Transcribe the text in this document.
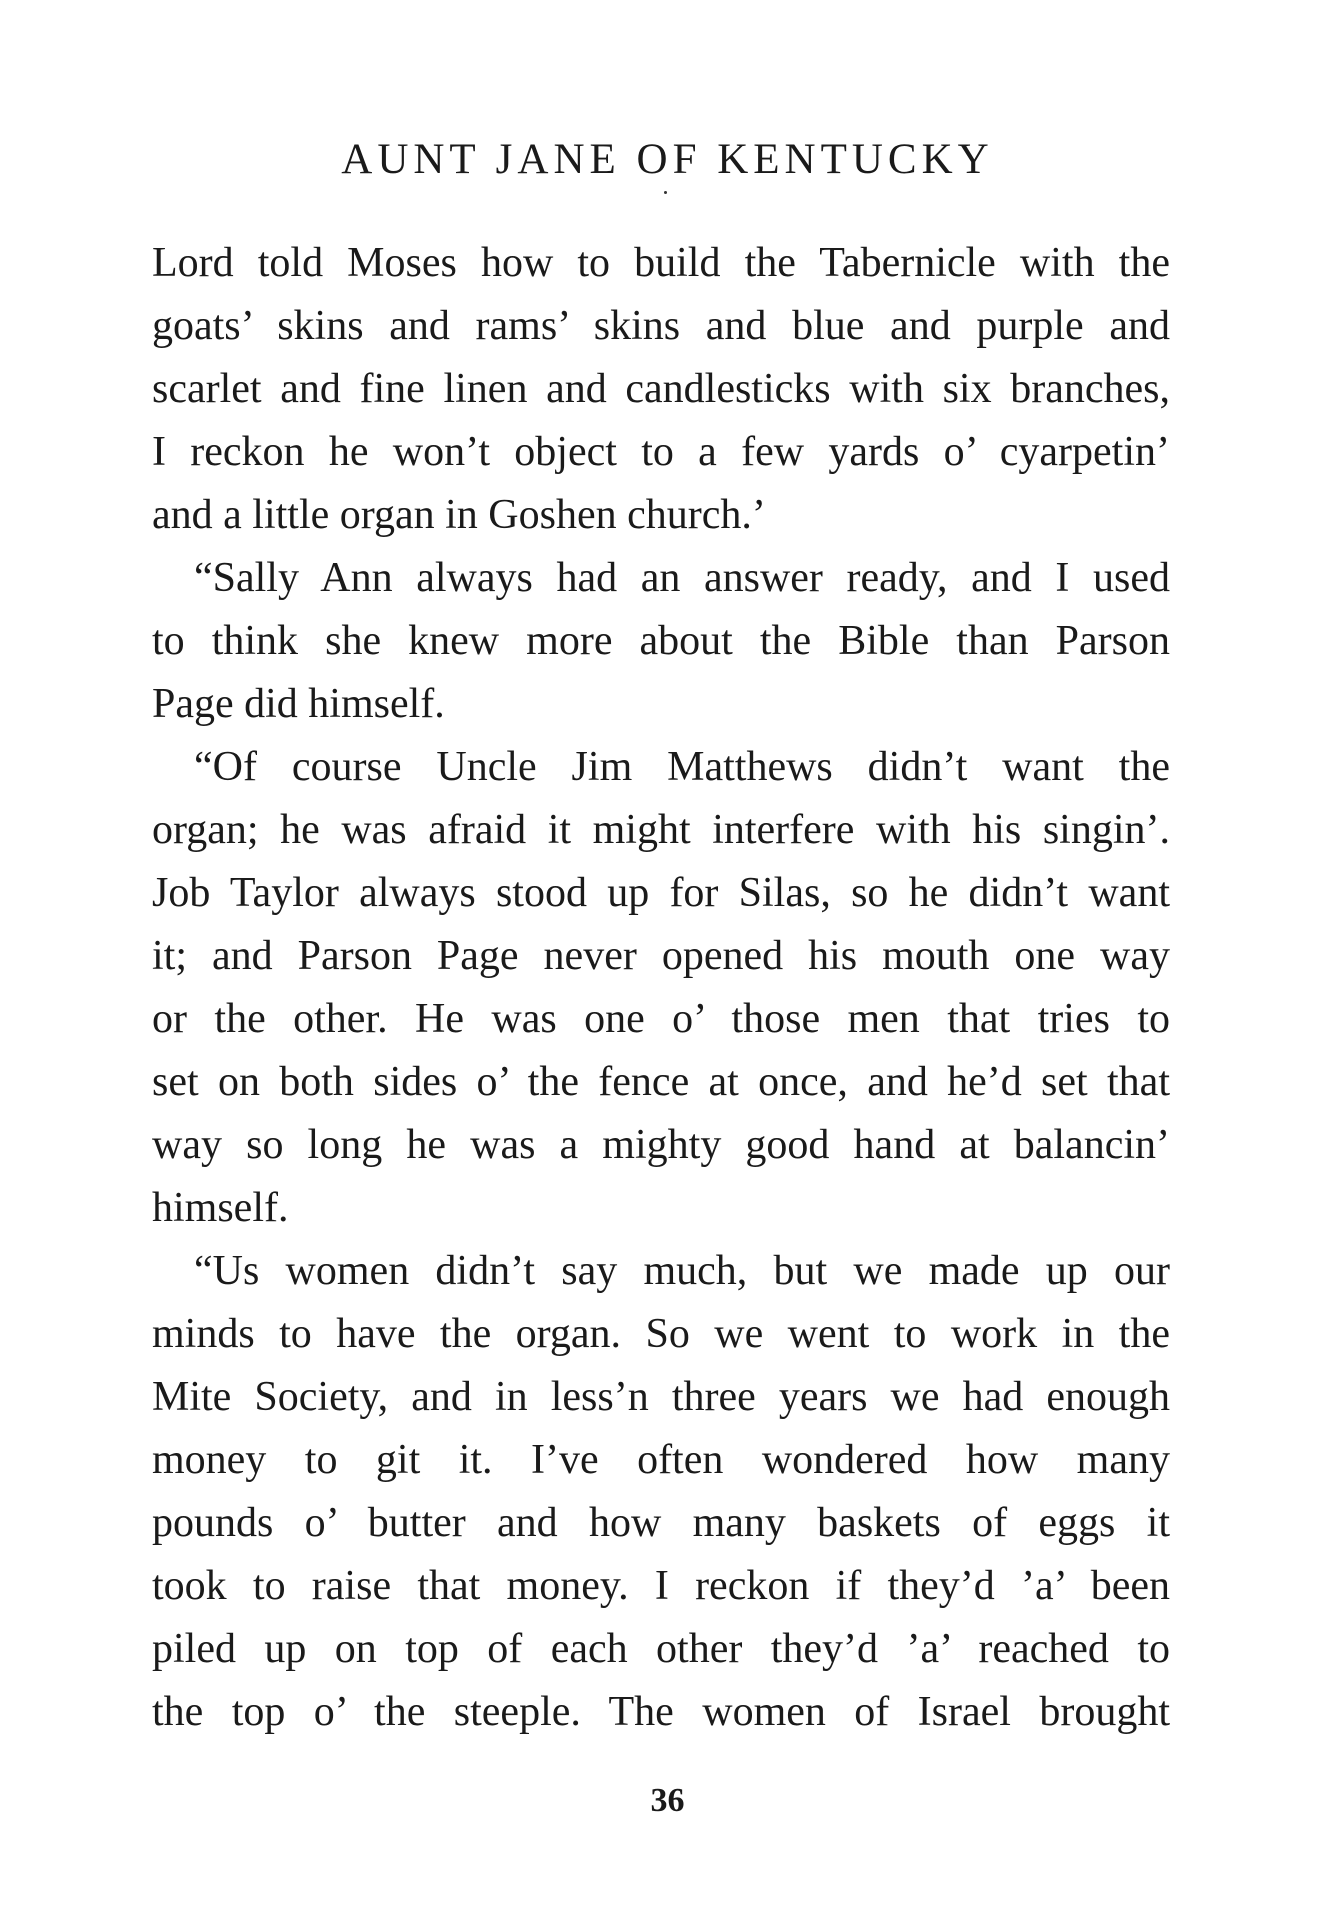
AUNT JANE OF KENTUCKY
Lord told Moses how to build the Tabernicle with the
goats’ skins and rams’ skins and blue and purple and
scarlet and fine linen and candlesticks with six branches,
I reckon he won’t object to a few yards o’ cyarpetin’
and a little organ in Goshen church.’
“Sally Ann always had an answer ready, and I used
to think she knew more about the Bible than Parson
Page did himself.
“Of course Uncle Jim Matthews didn’t want the
organ; he was afraid it might interfere with his singin’.
Job Taylor always stood up for Silas, so he didn’t want
it; and Parson Page never opened his mouth one way
or the other. He was one o’ those men that tries to
set on both sides o’ the fence at once, and he’d set that
way so long he was a mighty good hand at balancin’
himself.
“Us women didn’t say much, but we made up our
minds to have the organ. So we went to work in the
Mite Society, and in less’n three years we had enough
money to git it. I’ve often wondered how many
pounds o’ butter and how many baskets of eggs it
took to raise that money. I reckon if they’d ’a’ been
piled up on top of each other they’d ’a’ reached to
the top o’ the steeple. The women of Israel brought
36
